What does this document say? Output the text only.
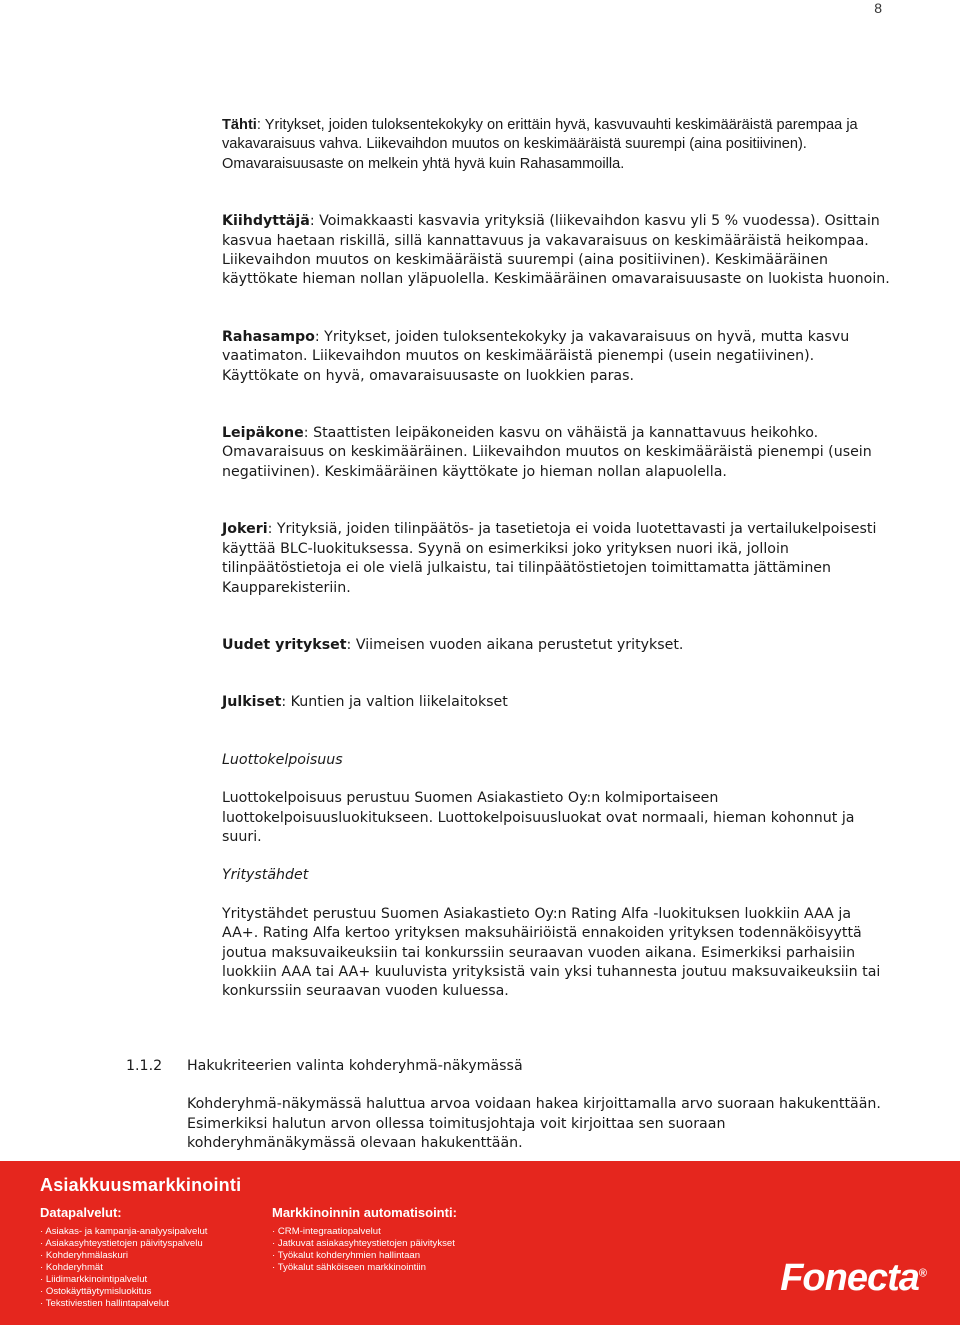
8

Tähti: Yritykset, joiden tuloksentekokyky on erittäin hyvä, kasvuvauhti keskimääräistä parempaa ja vakavaraisuus vahva. Liikevaihdon muutos on keskimääräistä suurempi (aina positiivinen). Omavaraisuusaste on melkein yhtä hyvä kuin Rahasammoilla.

Kiihdyttäjä: Voimakkaasti kasvavia yrityksiä (liikevaihdon kasvu yli 5 % vuodessa). Osittain kasvua haetaan riskillä, sillä kannattavuus ja vakavaraisuus on keskimääräistä heikompaa. Liikevaihdon muutos on keskimääräistä suurempi (aina positiivinen). Keskimääräinen käyttökate hieman nollan yläpuolella. Keskimääräinen omavaraisuusaste on luokista huonoin.

Rahasampo: Yritykset, joiden tuloksentekokyky ja vakavaraisuus on hyvä, mutta kasvu vaatimaton. Liikevaihdon muutos on keskimääräistä pienempi (usein negatiivinen). Käyttökate on hyvä, omavaraisuusaste on luokkien paras.

Leipäkone: Staattisten leipäkoneiden kasvu on vähäistä ja kannattavuus heikohko. Omavaraisuus on keskimääräinen. Liikevaihdon muutos on keskimääräistä pienempi (usein negatiivinen). Keskimääräinen käyttökate jo hieman nollan alapuolella.

Jokeri: Yrityksiä, joiden tilinpäätös- ja tasetietoja ei voida luotettavasti ja vertailukelpoisesti käyttää BLC-luokituksessa. Syynä on esimerkiksi joko yrityksen nuori ikä, jolloin tilinpäätöstietoja ei ole vielä julkaistu, tai tilinpäätöstietojen toimittamatta jättäminen Kaupparekisteriin.

Uudet yritykset: Viimeisen vuoden aikana perustetut yritykset.

Julkiset: Kuntien ja valtion liikelaitokset

Luottokelpoisuus

Luottokelpoisuus perustuu Suomen Asiakastieto Oy:n kolmiportaiseen luottokelpoisuusluokitukseen. Luottokelpoisuusluokat ovat normaali, hieman kohonnut ja suuri.

Yritystähdet

Yritystähdet perustuu Suomen Asiakastieto Oy:n Rating Alfa -luokituksen luokkiin AAA ja AA+. Rating Alfa kertoo yrityksen maksuhäiriöistä ennakoiden yrityksen todennäköisyyttä joutua maksuvaikeuksiin tai konkurssiin seuraavan vuoden aikana. Esimerkiksi parhaisiin luokkiin AAA tai AA+ kuuluvista yrityksistä vain yksi tuhannesta joutuu maksuvaikeuksiin tai konkurssiin seuraavan vuoden kuluessa.

1.1.2 Hakukriteerien valinta kohderyhmä-näkymässä
Kohderyhmä-näkymässä haluttua arvoa voidaan hakea kirjoittamalla arvo suoraan hakukenttään. Esimerkiksi halutun arvon ollessa toimitusjohtaja voit kirjoittaa sen suoraan kohderyhmänäkymässä olevaan hakukenttään.
Asiakkuusmarkkinointi
Datapalvelut:
· Asiakas- ja kampanja-analyysipalvelut
· Asiakasyhteystietojen päivityspalvelu
· Kohderyhmälaskuri
· Kohderyhmät
· Liidimarkkinointipalvelut
· Ostokäyttäytymisluokitus
· Tekstiviestien hallintapalvelut
Markkinoinnin automatisointi:
· CRM-integraatiopalvelut
· Jatkuvat asiakasyhteystietojen päivitykset
· Työkalut kohderyhmien hallintaan
· Työkalut sähköiseen markkinointiin	Fonecta®
